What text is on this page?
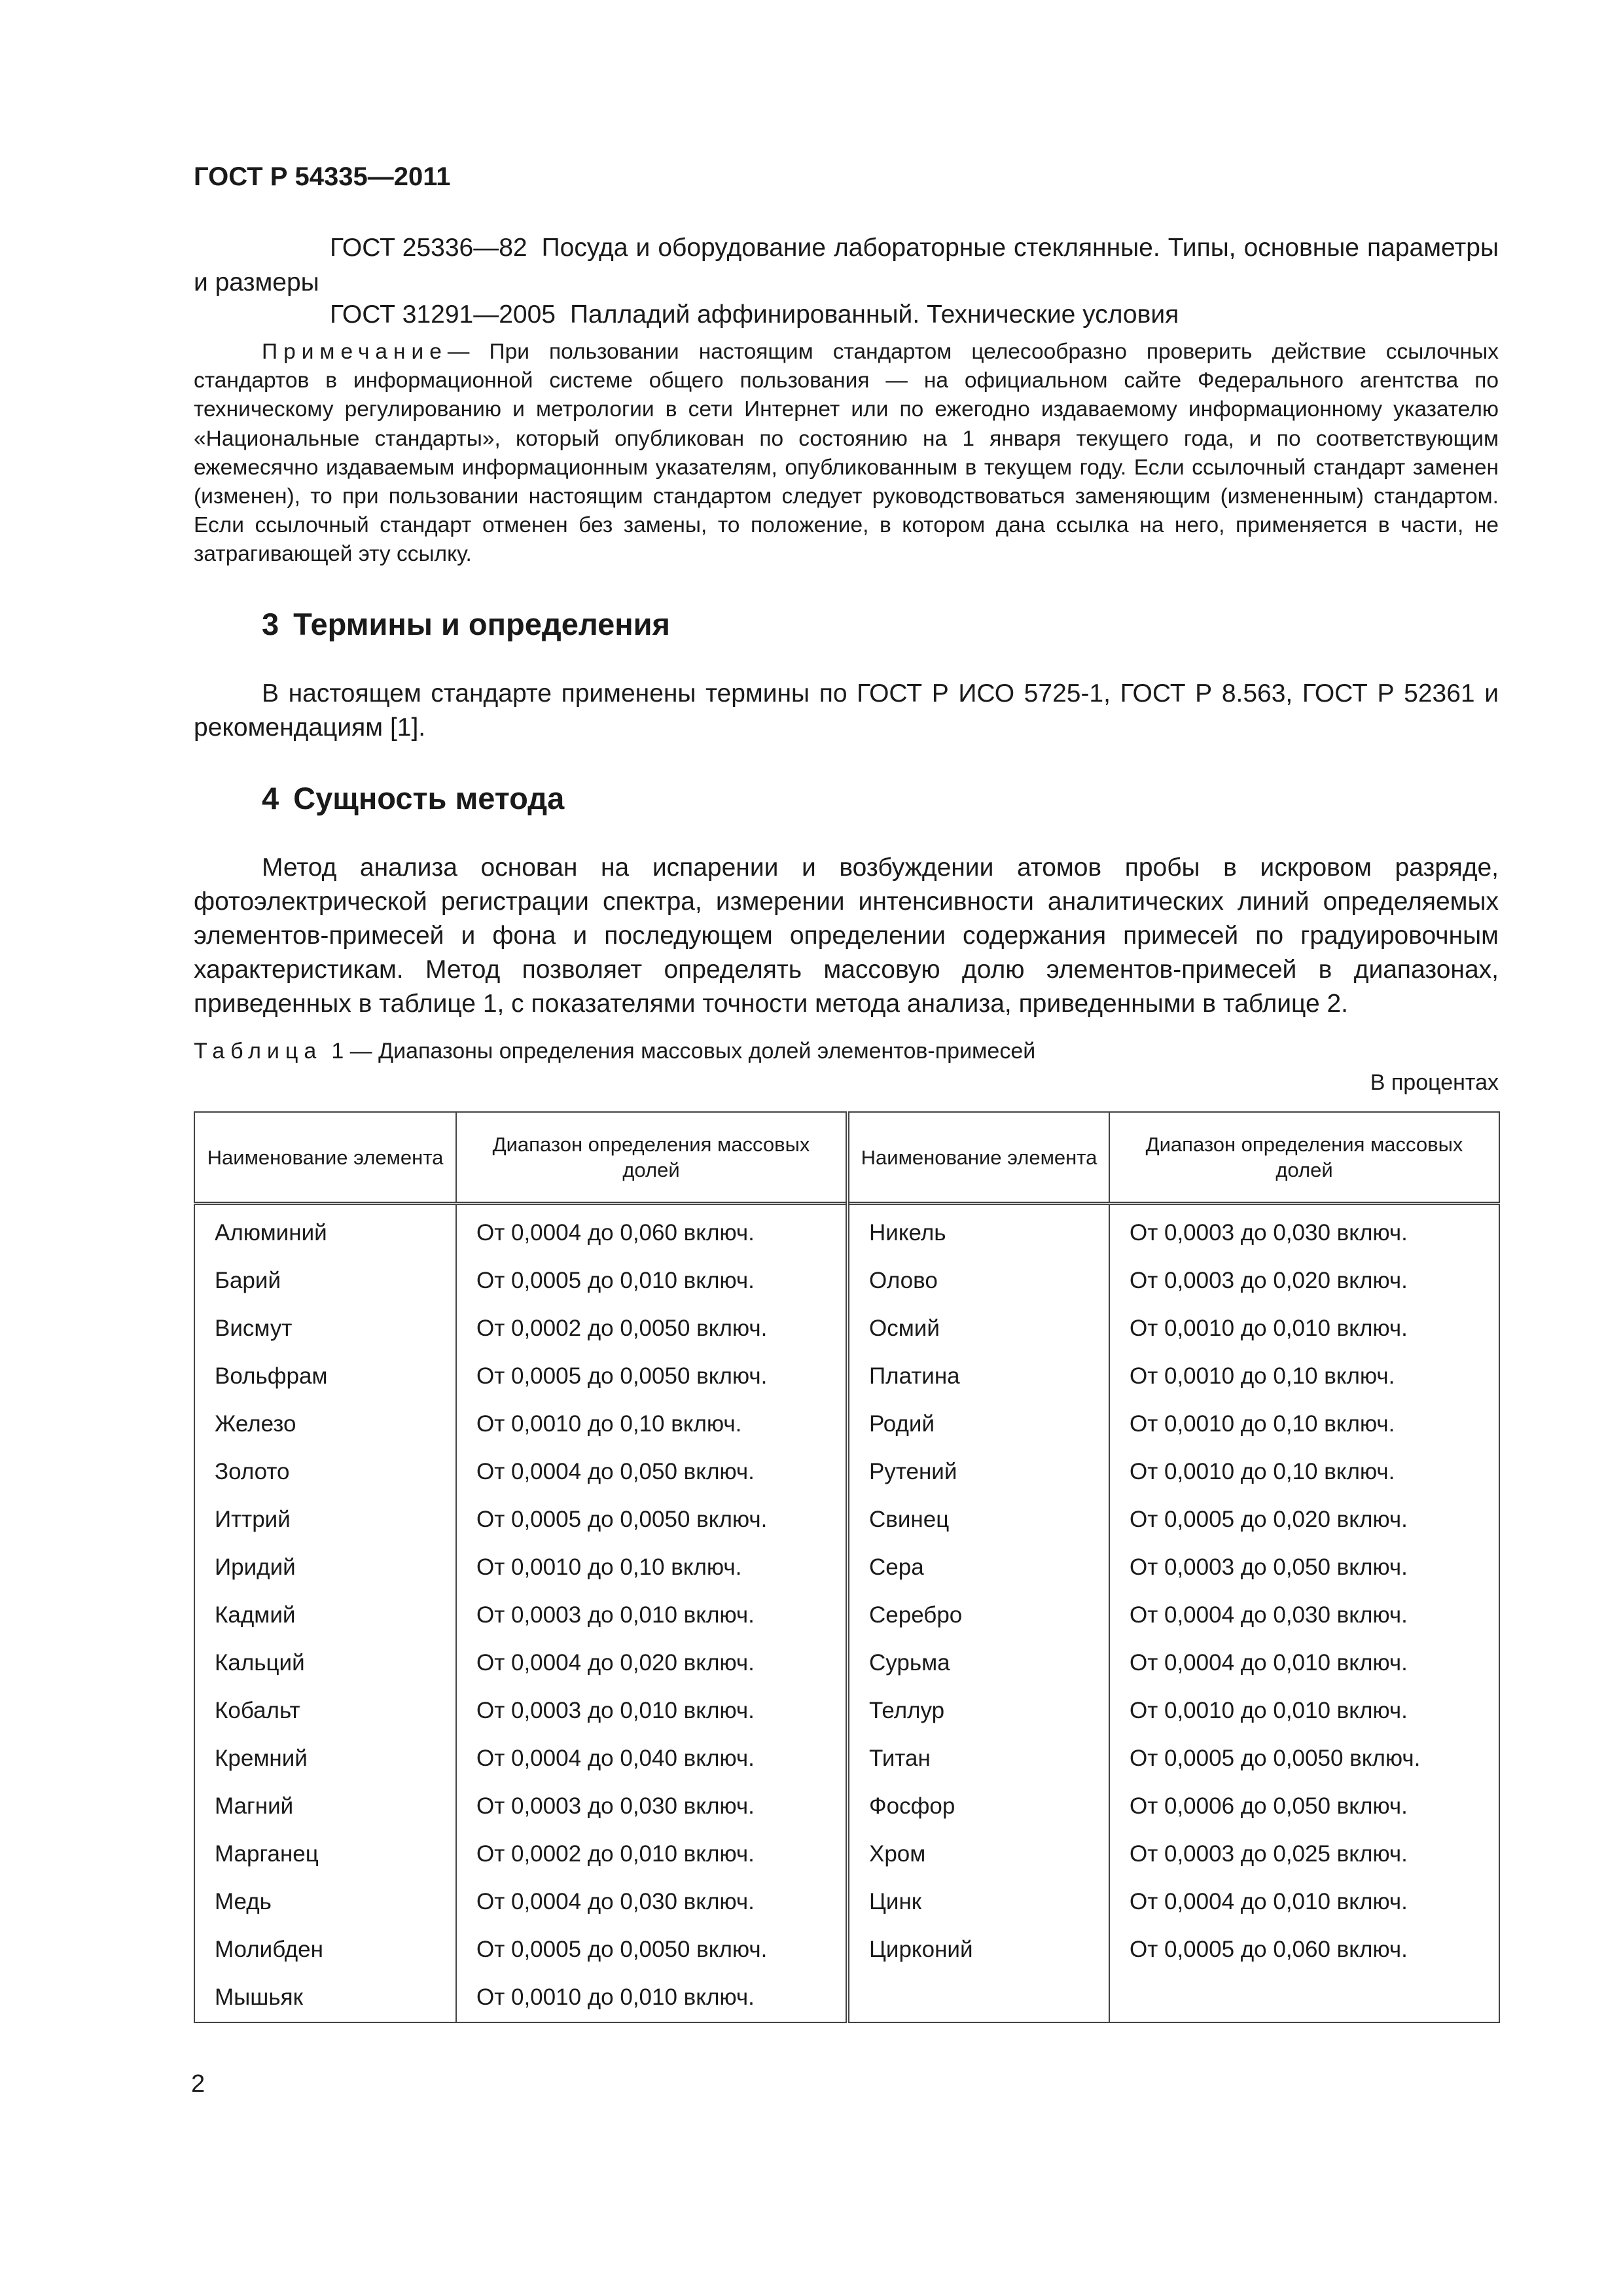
ГОСТ Р 54335—2011

ГОСТ 25336—82 Посуда и оборудование лабораторные стеклянные. Типы, основные параметры и размеры

ГОСТ 31291—2005 Палладий аффинированный. Технические условия

Примечание— При пользовании настоящим стандартом целесообразно проверить действие ссылочных стандартов в информационной системе общего пользования — на официальном сайте Федерального агентства по техническому регулированию и метрологии в сети Интернет или по ежегодно издаваемому информационному указателю «Национальные стандарты», который опубликован по состоянию на 1 января текущего года, и по соответствующим ежемесячно издаваемым информационным указателям, опубликованным в текущем году. Если ссылочный стандарт заменен (изменен), то при пользовании настоящим стандартом следует руководствоваться заменяющим (измененным) стандартом. Если ссылочный стандарт отменен без замены, то положение, в котором дана ссылка на него, применяется в части, не затрагивающей эту ссылку.

3 Термины и определения

В настоящем стандарте применены термины по ГОСТ Р ИСО 5725-1, ГОСТ Р 8.563, ГОСТ Р 52361 и рекомендациям [1].

4 Сущность метода

Метод анализа основан на испарении и возбуждении атомов пробы в искровом разряде, фотоэлектрической регистрации спектра, измерении интенсивности аналитических линий определяемых элементов-примесей и фона и последующем определении содержания примесей по градуировочным характеристикам. Метод позволяет определять массовую долю элементов-примесей в диапазонах, приведенных в таблице 1, с показателями точности метода анализа, приведенными в таблице 2.

Таблица 1 — Диапазоны определения массовых долей элементов-примесей

В процентах

Наименование элемента	Диапазон определения массовых долей	Наименование элемента	Диапазон определения массовых долей
Алюминий	От 0,0004 до 0,060 включ.	Никель	От 0,0003 до 0,030 включ.
Барий	От 0,0005 до 0,010 включ.	Олово	От 0,0003 до 0,020 включ.
Висмут	От 0,0002 до 0,0050 включ.	Осмий	От 0,0010 до 0,010 включ.
Вольфрам	От 0,0005 до 0,0050 включ.	Платина	От 0,0010 до 0,10 включ.
Железо	От 0,0010 до 0,10 включ.	Родий	От 0,0010 до 0,10 включ.
Золото	От 0,0004 до 0,050 включ.	Рутений	От 0,0010 до 0,10 включ.
Иттрий	От 0,0005 до 0,0050 включ.	Свинец	От 0,0005 до 0,020 включ.
Иридий	От 0,0010 до 0,10 включ.	Сера	От 0,0003 до 0,050 включ.
Кадмий	От 0,0003 до 0,010 включ.	Серебро	От 0,0004 до 0,030 включ.
Кальций	От 0,0004 до 0,020 включ.	Сурьма	От 0,0004 до 0,010 включ.
Кобальт	От 0,0003 до 0,010 включ.	Теллур	От 0,0010 до 0,010 включ.
Кремний	От 0,0004 до 0,040 включ.	Титан	От 0,0005 до 0,0050 включ.
Магний	От 0,0003 до 0,030 включ.	Фосфор	От 0,0006 до 0,050 включ.
Марганец	От 0,0002 до 0,010 включ.	Хром	От 0,0003 до 0,025 включ.
Медь	От 0,0004 до 0,030 включ.	Цинк	От 0,0004 до 0,010 включ.
Молибден	От 0,0005 до 0,0050 включ.	Цирконий	От 0,0005 до 0,060 включ.
Мышьяк	От 0,0010 до 0,010 включ.		

2
